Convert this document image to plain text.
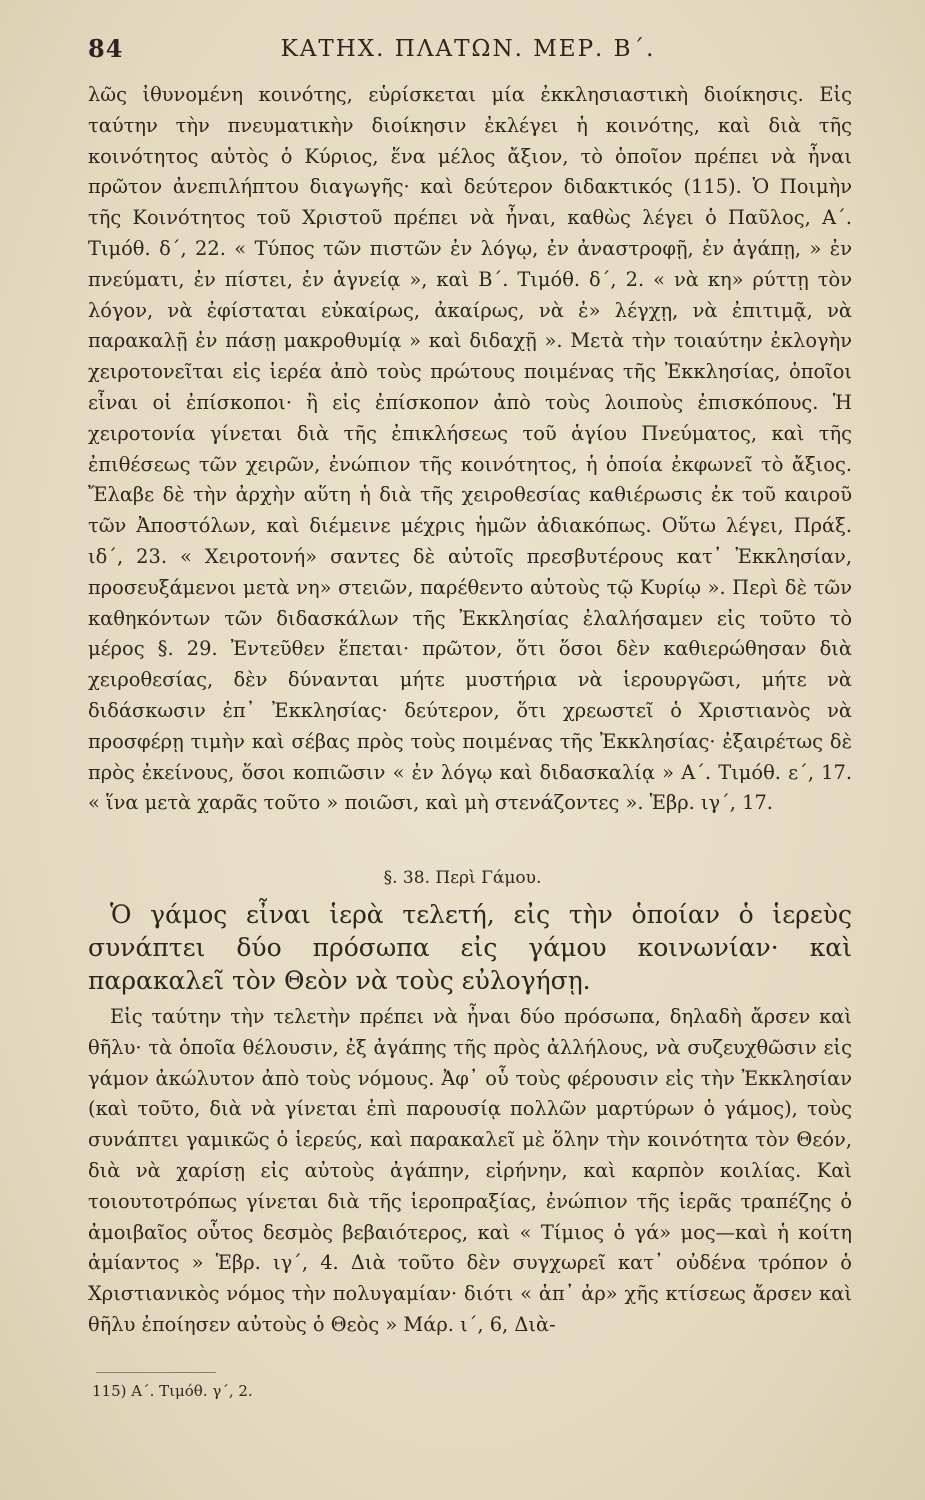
84	ΚΑΤΗΧ. ΠΛΑΤΩΝ. ΜΕΡ. Β΄.

λῶς ἰθυνομένη κοινότης, εὑρίσκεται μία ἐκκλησιαστικὴ διοίκησις. Εἰς ταύτην τὴν πνευματικὴν διοίκησιν ἐκλέγει ἡ κοινότης, καὶ διὰ τῆς κοινότητος αὐτὸς ὁ Κύριος, ἕνα μέλος ἄξιον, τὸ ὁποῖον πρέπει νὰ ἦναι πρῶτον ἀνεπιλήπτου διαγωγῆς· καὶ δεύτερον διδακτικός (115). Ὁ Ποιμὴν τῆς Κοινότητος τοῦ Χριστοῦ πρέπει νὰ ἦναι, καθὼς λέγει ὁ Παῦλος, Α΄. Τιμόθ. δ΄, 22. « Τύπος τῶν πιστῶν ἐν λόγῳ, ἐν ἀναστροφῇ, ἐν ἀγάπῃ, » ἐν πνεύματι, ἐν πίστει, ἐν ἁγνείᾳ », καὶ Β΄. Τιμόθ. δ΄, 2. « νὰ κη» ρύττῃ τὸν λόγον, νὰ ἐφίσταται εὐκαίρως, ἀκαίρως, νὰ ἐ» λέγχῃ, νὰ ἐπιτιμᾷ, νὰ παρακαλῇ ἐν πάσῃ μακροθυμίᾳ » καὶ διδαχῇ ». Μετὰ τὴν τοιαύτην ἐκλογὴν χειροτονεῖται εἰς ἱερέα ἀπὸ τοὺς πρώτους ποιμένας τῆς Ἐκκλησίας, ὁποῖοι εἶναι οἱ ἐπίσκοποι· ἢ εἰς ἐπίσκοπον ἀπὸ τοὺς λοιποὺς ἐπισκόπους. Ἡ χειροτονία γίνεται διὰ τῆς ἐπικλήσεως τοῦ ἁγίου Πνεύματος, καὶ τῆς ἐπιθέσεως τῶν χειρῶν, ἐνώπιον τῆς κοινότητος, ἡ ὁποία ἐκφωνεῖ τὸ ἄξιος. Ἔλαβε δὲ τὴν ἀρχὴν αὕτη ἡ διὰ τῆς χειροθεσίας καθιέρωσις ἐκ τοῦ καιροῦ τῶν Ἀποστόλων, καὶ διέμεινε μέχρις ἡμῶν ἀδιακόπως. Οὕτω λέγει, Πράξ. ιδ΄, 23. « Χειροτονή» σαντες δὲ αὐτοῖς πρεσβυτέρους κατ᾿ Ἐκκλησίαν, προσευξάμενοι μετὰ νη» στειῶν, παρέθεντο αὐτοὺς τῷ Κυρίῳ ». Περὶ δὲ τῶν καθηκόντων τῶν διδασκάλων τῆς Ἐκκλησίας ἐλαλήσαμεν εἰς τοῦτο τὸ μέρος §. 29. Ἐντεῦθεν ἕπεται· πρῶτον, ὅτι ὅσοι δὲν καθιερώθησαν διὰ χειροθεσίας, δὲν δύνανται μήτε μυστήρια νὰ ἱερουργῶσι, μήτε νὰ διδάσκωσιν ἐπ᾿ Ἐκκλησίας· δεύτερον, ὅτι χρεωστεῖ ὁ Χριστιανὸς νὰ προσφέρῃ τιμὴν καὶ σέβας πρὸς τοὺς ποιμένας τῆς Ἐκκλησίας· ἐξαιρέτως δὲ πρὸς ἐκείνους, ὅσοι κοπιῶσιν « ἐν λόγῳ καὶ διδασκαλίᾳ » Α΄. Τιμόθ. ε΄, 17. « ἵνα μετὰ χαρᾶς τοῦτο » ποιῶσι, καὶ μὴ στενάζοντες ». Ἑβρ. ιγ΄, 17.

§. 38. Περὶ Γάμου.

Ὁ γάμος εἶναι ἱερὰ τελετή, εἰς τὴν ὁποίαν ὁ ἱερεὺς συνάπτει δύο πρόσωπα εἰς γάμου κοινωνίαν· καὶ παρακαλεῖ τὸν Θεὸν νὰ τοὺς εὐλογήσῃ.

Εἰς ταύτην τὴν τελετὴν πρέπει νὰ ἦναι δύο πρόσωπα, δηλαδὴ ἄρσεν καὶ θῆλυ· τὰ ὁποῖα θέλουσιν, ἐξ ἀγάπης τῆς πρὸς ἀλλήλους, νὰ συζευχθῶσιν εἰς γάμον ἀκώλυτον ἀπὸ τοὺς νόμους. Ἀφ᾿ οὗ τοὺς φέρουσιν εἰς τὴν Ἐκκλησίαν (καὶ τοῦτο, διὰ νὰ γίνεται ἐπὶ παρουσίᾳ πολλῶν μαρτύρων ὁ γάμος), τοὺς συνάπτει γαμικῶς ὁ ἱερεύς, καὶ παρακαλεῖ μὲ ὅλην τὴν κοινότητα τὸν Θεόν, διὰ νὰ χαρίσῃ εἰς αὐτοὺς ἀγάπην, εἰρήνην, καὶ καρπὸν κοιλίας. Καὶ τοιουτοτρόπως γίνεται διὰ τῆς ἱεροπραξίας, ἐνώπιον τῆς ἱερᾶς τραπέζης ὁ ἀμοιβαῖος οὗτος δεσμὸς βεβαιότερος, καὶ « Τίμιος ὁ γά» μος—καὶ ἡ κοίτη ἀμίαντος » Ἑβρ. ιγ΄, 4. Διὰ τοῦτο δὲν συγχωρεῖ κατ᾿ οὐδένα τρόπον ὁ Χριστιανικὸς νόμος τὴν πολυγαμίαν· διότι « ἀπ᾿ ἀρ» χῆς κτίσεως ἄρσεν καὶ θῆλυ ἐποίησεν αὐτοὺς ὁ Θεὸς » Μάρ. ι΄, 6, Διὰ-

115) Α΄. Τιμόθ. γ΄, 2.
